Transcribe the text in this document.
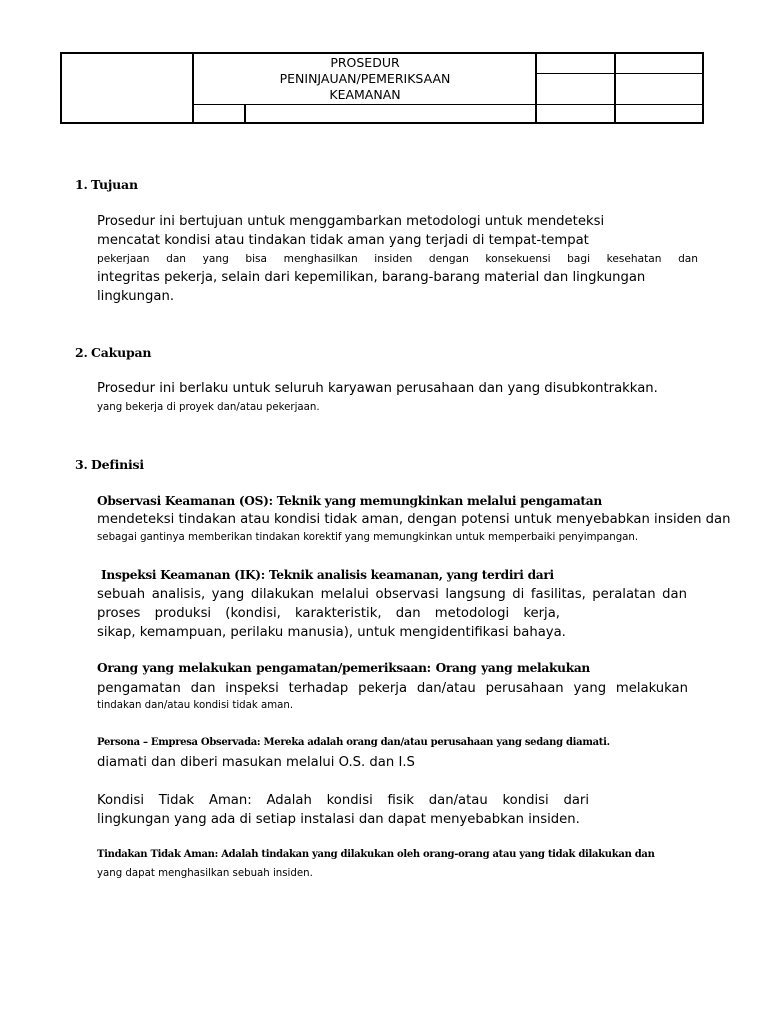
PROSEDUR
PENINJAUAN/PEMERIKSAAN
KEAMANAN
1. Tujuan
Prosedur ini bertujuan untuk menggambarkan metodologi untuk mendeteksi
mencatat kondisi atau tindakan tidak aman yang terjadi di tempat-tempat
pekerjaan dan yang bisa menghasilkan insiden dengan konsekuensi bagi kesehatan dan
integritas pekerja, selain dari kepemilikan, barang-barang material dan lingkungan
lingkungan.
2. Cakupan
Prosedur ini berlaku untuk seluruh karyawan perusahaan dan yang disubkontrakkan.
yang bekerja di proyek dan/atau pekerjaan.
3. Definisi
Observasi Keamanan (OS): Teknik yang memungkinkan melalui pengamatan
mendeteksi tindakan atau kondisi tidak aman, dengan potensi untuk menyebabkan insiden dan
sebagai gantinya memberikan tindakan korektif yang memungkinkan untuk memperbaiki penyimpangan.
Inspeksi Keamanan (IK): Teknik analisis keamanan, yang terdiri dari
sebuah analisis, yang dilakukan melalui observasi langsung di fasilitas, peralatan dan
proses produksi (kondisi, karakteristik, dan metodologi kerja,
sikap, kemampuan, perilaku manusia), untuk mengidentifikasi bahaya.
Orang yang melakukan pengamatan/pemeriksaan: Orang yang melakukan
pengamatan dan inspeksi terhadap pekerja dan/atau perusahaan yang melakukan
tindakan dan/atau kondisi tidak aman.
Persona – Empresa Observada: Mereka adalah orang dan/atau perusahaan yang sedang diamati.
diamati dan diberi masukan melalui O.S. dan I.S
Kondisi Tidak Aman: Adalah kondisi fisik dan/atau kondisi dari
lingkungan yang ada di setiap instalasi dan dapat menyebabkan insiden.
Tindakan Tidak Aman: Adalah tindakan yang dilakukan oleh orang-orang atau yang tidak dilakukan dan
yang dapat menghasilkan sebuah insiden.
